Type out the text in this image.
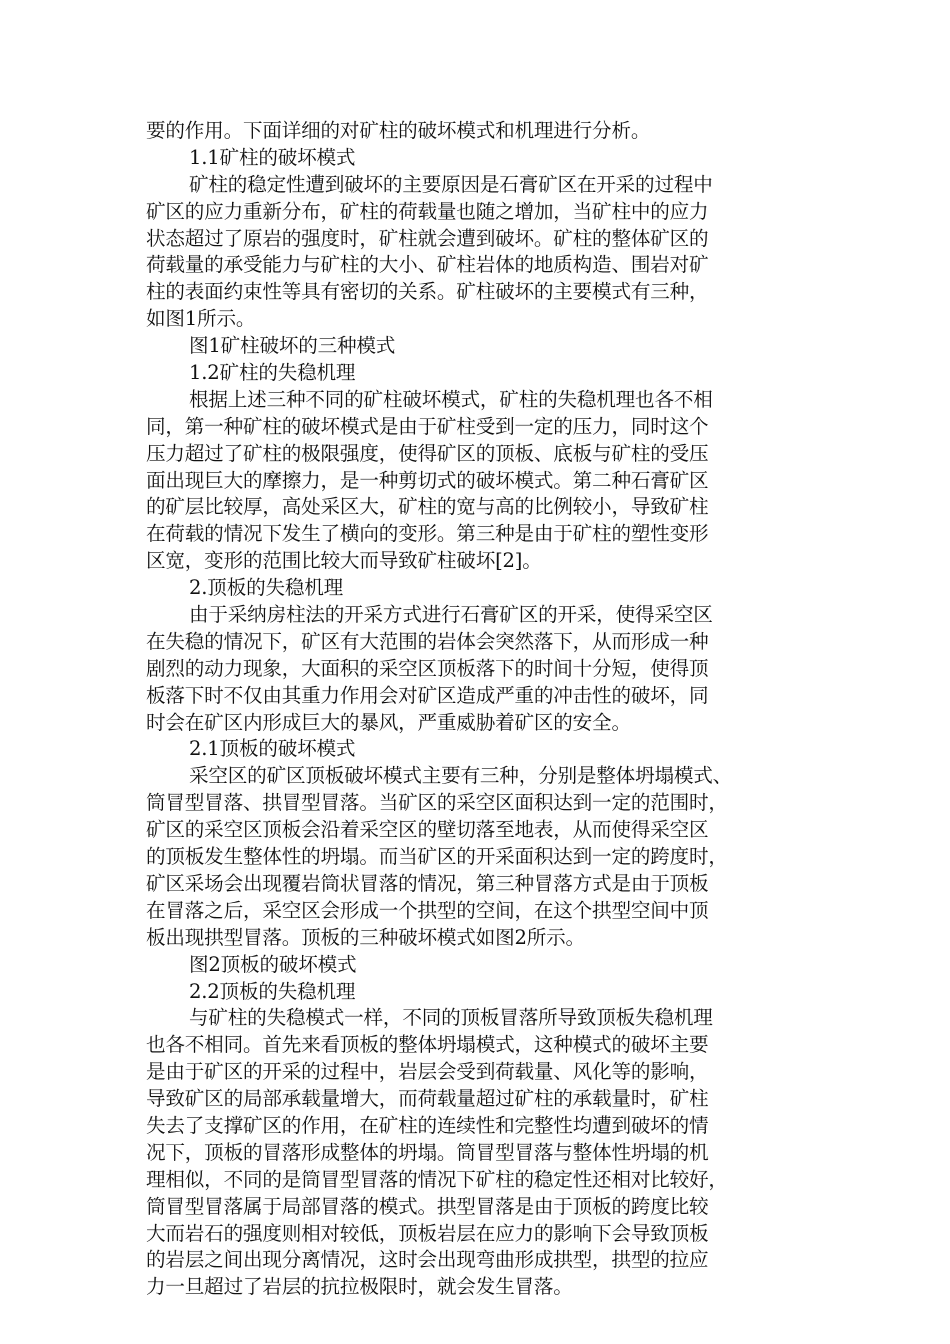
要的作用。下面详细的对矿柱的破坏模式和机理进行分析。
1.1矿柱的破坏模式
矿柱的稳定性遭到破坏的主要原因是石膏矿区在开采的过程中
矿区的应力重新分布，矿柱的荷载量也随之增加，当矿柱中的应力
状态超过了原岩的强度时，矿柱就会遭到破坏。矿柱的整体矿区的
荷载量的承受能力与矿柱的大小、矿柱岩体的地质构造、围岩对矿
柱的表面约束性等具有密切的关系。矿柱破坏的主要模式有三种，
如图1所示。
图1矿柱破坏的三种模式
1.2矿柱的失稳机理
根据上述三种不同的矿柱破坏模式，矿柱的失稳机理也各不相
同，第一种矿柱的破坏模式是由于矿柱受到一定的压力，同时这个
压力超过了矿柱的极限强度，使得矿区的顶板、底板与矿柱的受压
面出现巨大的摩擦力，是一种剪切式的破坏模式。第二种石膏矿区
的矿层比较厚，高处采区大，矿柱的宽与高的比例较小，导致矿柱
在荷载的情况下发生了横向的变形。第三种是由于矿柱的塑性变形
区宽，变形的范围比较大而导致矿柱破坏[2]。
2.顶板的失稳机理
由于采纳房柱法的开采方式进行石膏矿区的开采，使得采空区
在失稳的情况下，矿区有大范围的岩体会突然落下，从而形成一种
剧烈的动力现象，大面积的采空区顶板落下的时间十分短，使得顶
板落下时不仅由其重力作用会对矿区造成严重的冲击性的破坏，同
时会在矿区内形成巨大的暴风，严重威胁着矿区的安全。
2.1顶板的破坏模式
采空区的矿区顶板破坏模式主要有三种，分别是整体坍塌模式、
筒冒型冒落、拱冒型冒落。当矿区的采空区面积达到一定的范围时，
矿区的采空区顶板会沿着采空区的壁切落至地表，从而使得采空区
的顶板发生整体性的坍塌。而当矿区的开采面积达到一定的跨度时，
矿区采场会出现覆岩筒状冒落的情况，第三种冒落方式是由于顶板
在冒落之后，采空区会形成一个拱型的空间，在这个拱型空间中顶
板出现拱型冒落。顶板的三种破坏模式如图2所示。
图2顶板的破坏模式
2.2顶板的失稳机理
与矿柱的失稳模式一样，不同的顶板冒落所导致顶板失稳机理
也各不相同。首先来看顶板的整体坍塌模式，这种模式的破坏主要
是由于矿区的开采的过程中，岩层会受到荷载量、风化等的影响，
导致矿区的局部承载量增大，而荷载量超过矿柱的承载量时，矿柱
失去了支撑矿区的作用，在矿柱的连续性和完整性均遭到破坏的情
况下，顶板的冒落形成整体的坍塌。筒冒型冒落与整体性坍塌的机
理相似，不同的是筒冒型冒落的情况下矿柱的稳定性还相对比较好，
筒冒型冒落属于局部冒落的模式。拱型冒落是由于顶板的跨度比较
大而岩石的强度则相对较低，顶板岩层在应力的影响下会导致顶板
的岩层之间出现分离情况，这时会出现弯曲形成拱型，拱型的拉应
力一旦超过了岩层的抗拉极限时，就会发生冒落。
